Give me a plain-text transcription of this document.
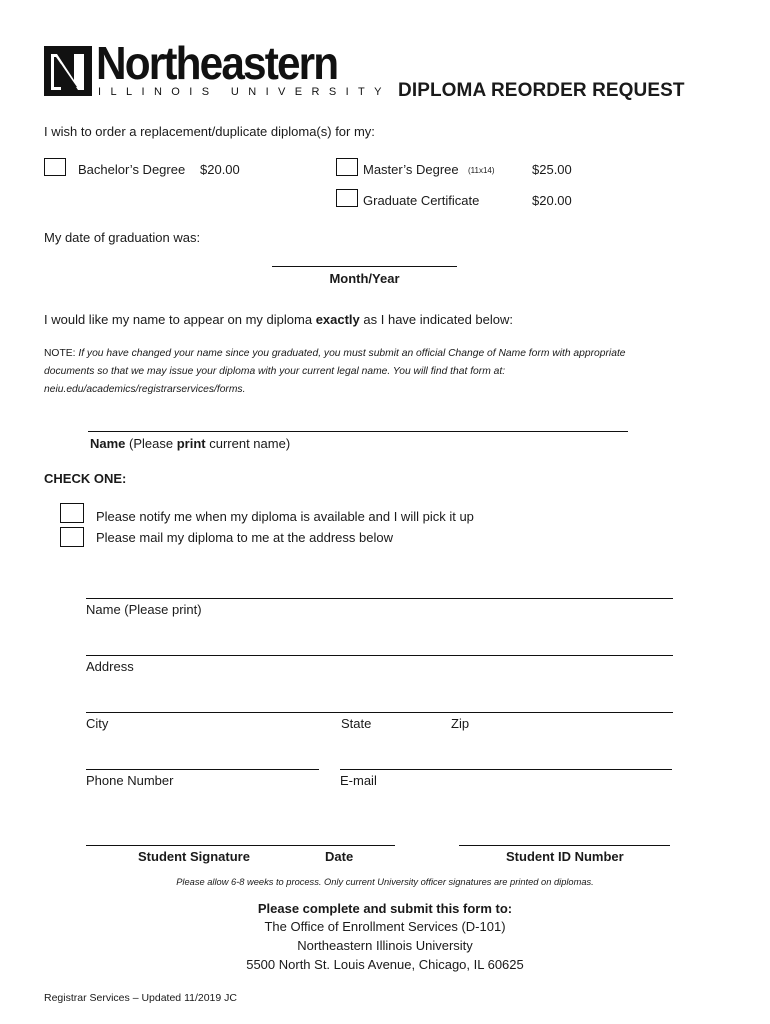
Northeastern
ILLINOIS UNIVERSITY DIPLOMA REORDER REQUEST
I wish to order a replacement/duplicate diploma(s) for my:
Bachelor’s Degree $20.00	Master’s Degree (11x14)	$25.00
Graduate Certificate	$20.00
My date of graduation was:
Month/Year
I would like my name to appear on my diploma exactly as I have indicated below:
NOTE: If you have changed your name since you graduated, you must submit an official Change of Name form with appropriate
documents so that we may issue your diploma with your current legal name. You will find that form at:
neiu.edu/academics/registrarservices/forms.
Name (Please print current name)
CHECK ONE:
Please notify me when my diploma is available and I will pick it up
Please mail my diploma to me at the address below
Name (Please print)
Address
City	State	Zip
Phone Number	E-mail
Student Signature	Date	Student ID Number
Please allow 6-8 weeks to process. Only current University officer signatures are printed on diplomas.
Please complete and submit this form to:
The Office of Enrollment Services (D-101)
Northeastern Illinois University
5500 North St. Louis Avenue, Chicago, IL 60625
Registrar Services – Updated 11/2019 JC
